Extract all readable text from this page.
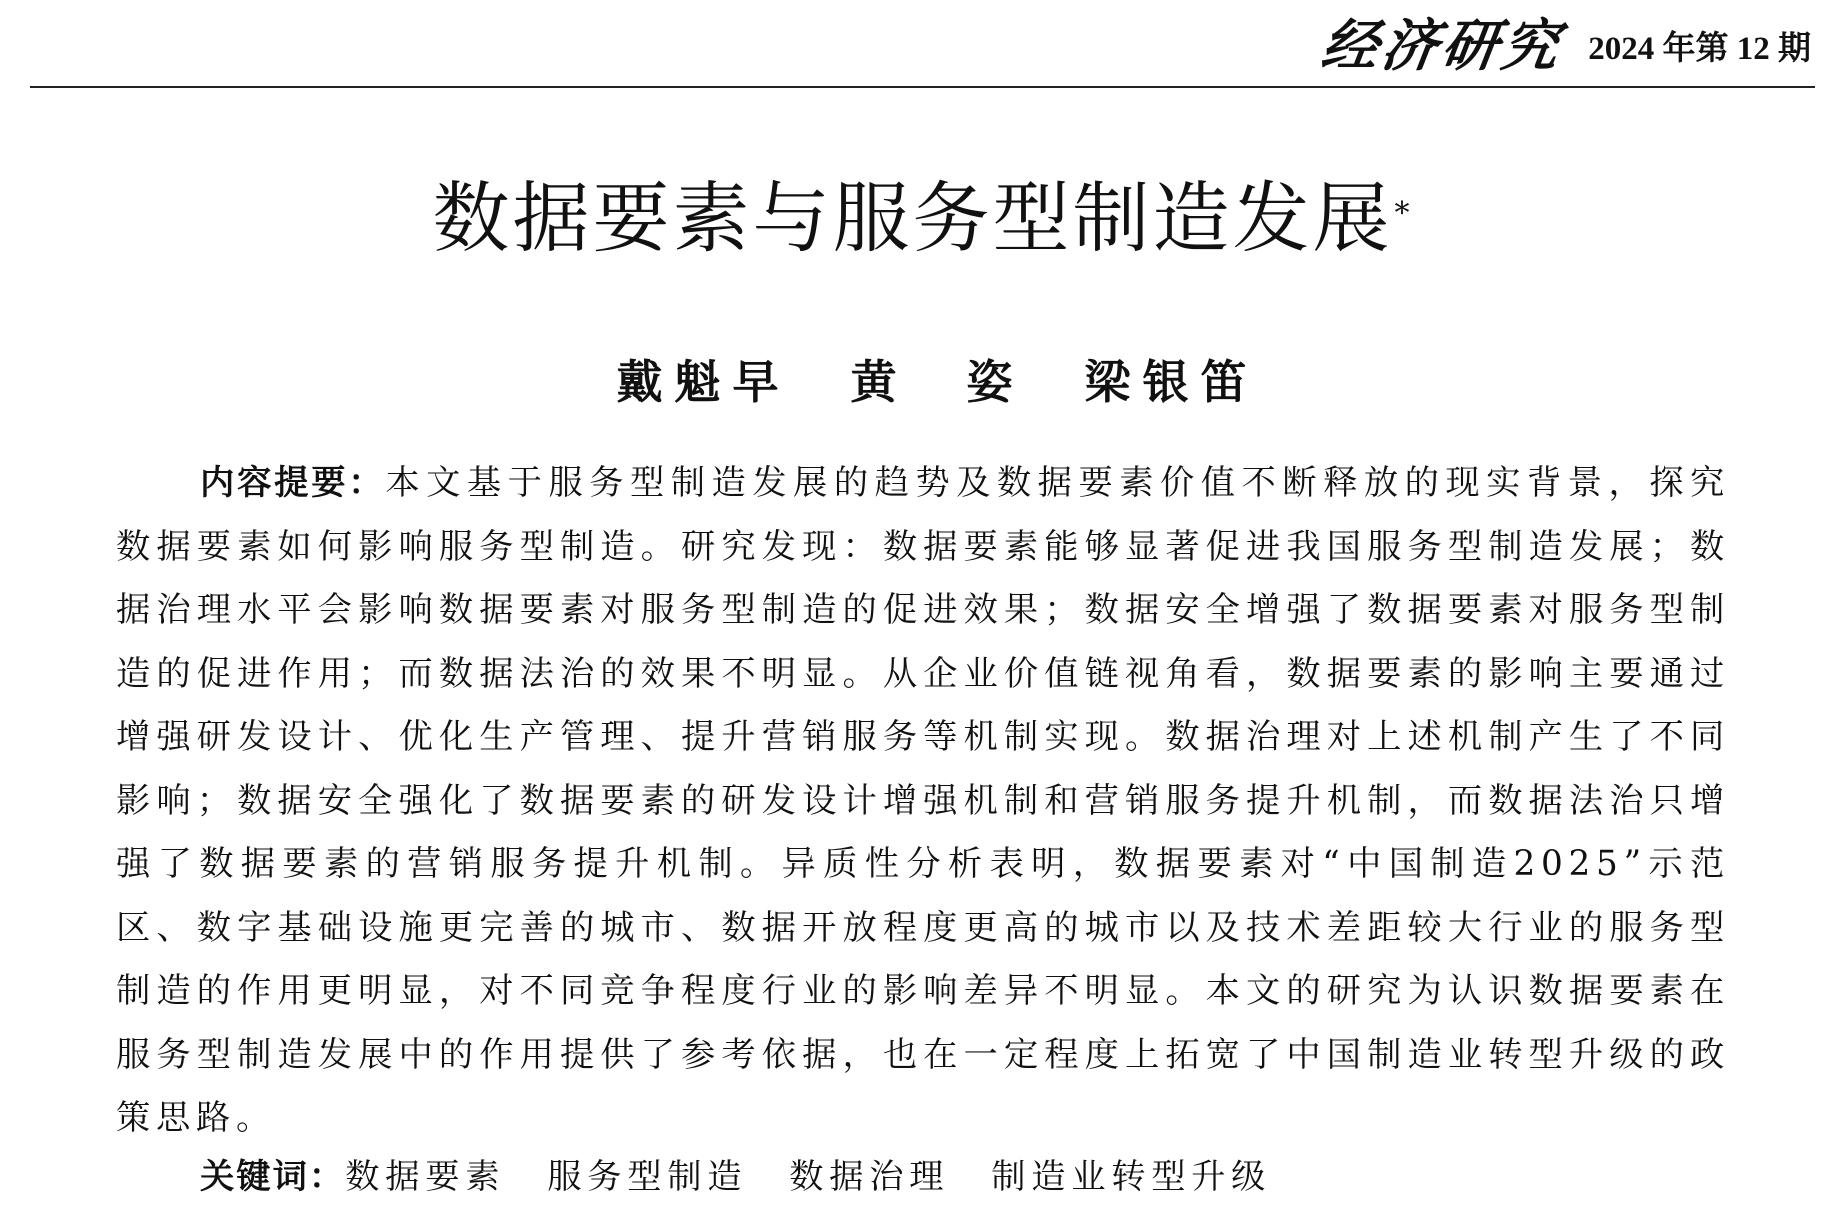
经济研究 2024 年第 12 期
数据要素与服务型制造发展*
戴魁早 黄　姿 梁银笛

内容提要：本文基于服务型制造发展的趋势及数据要素价值不断释放的现实背景，探究数据要素如何影响服务型制造。研究发现：数据要素能够显著促进我国服务型制造发展；数据治理水平会影响数据要素对服务型制造的促进效果；数据安全增强了数据要素对服务型制造的促进作用；而数据法治的效果不明显。从企业价值链视角看，数据要素的影响主要通过增强研发设计、优化生产管理、提升营销服务等机制实现。数据治理对上述机制产生了不同影响；数据安全强化了数据要素的研发设计增强机制和营销服务提升机制，而数据法治只增强了数据要素的营销服务提升机制。异质性分析表明，数据要素对“中国制造2025”示范区、数字基础设施更完善的城市、数据开放程度更高的城市以及技术差距较大行业的服务型制造的作用更明显，对不同竞争程度行业的影响差异不明显。本文的研究为认识数据要素在服务型制造发展中的作用提供了参考依据，也在一定程度上拓宽了中国制造业转型升级的政策思路。

关键词：数据要素 服务型制造 数据治理 制造业转型升级
